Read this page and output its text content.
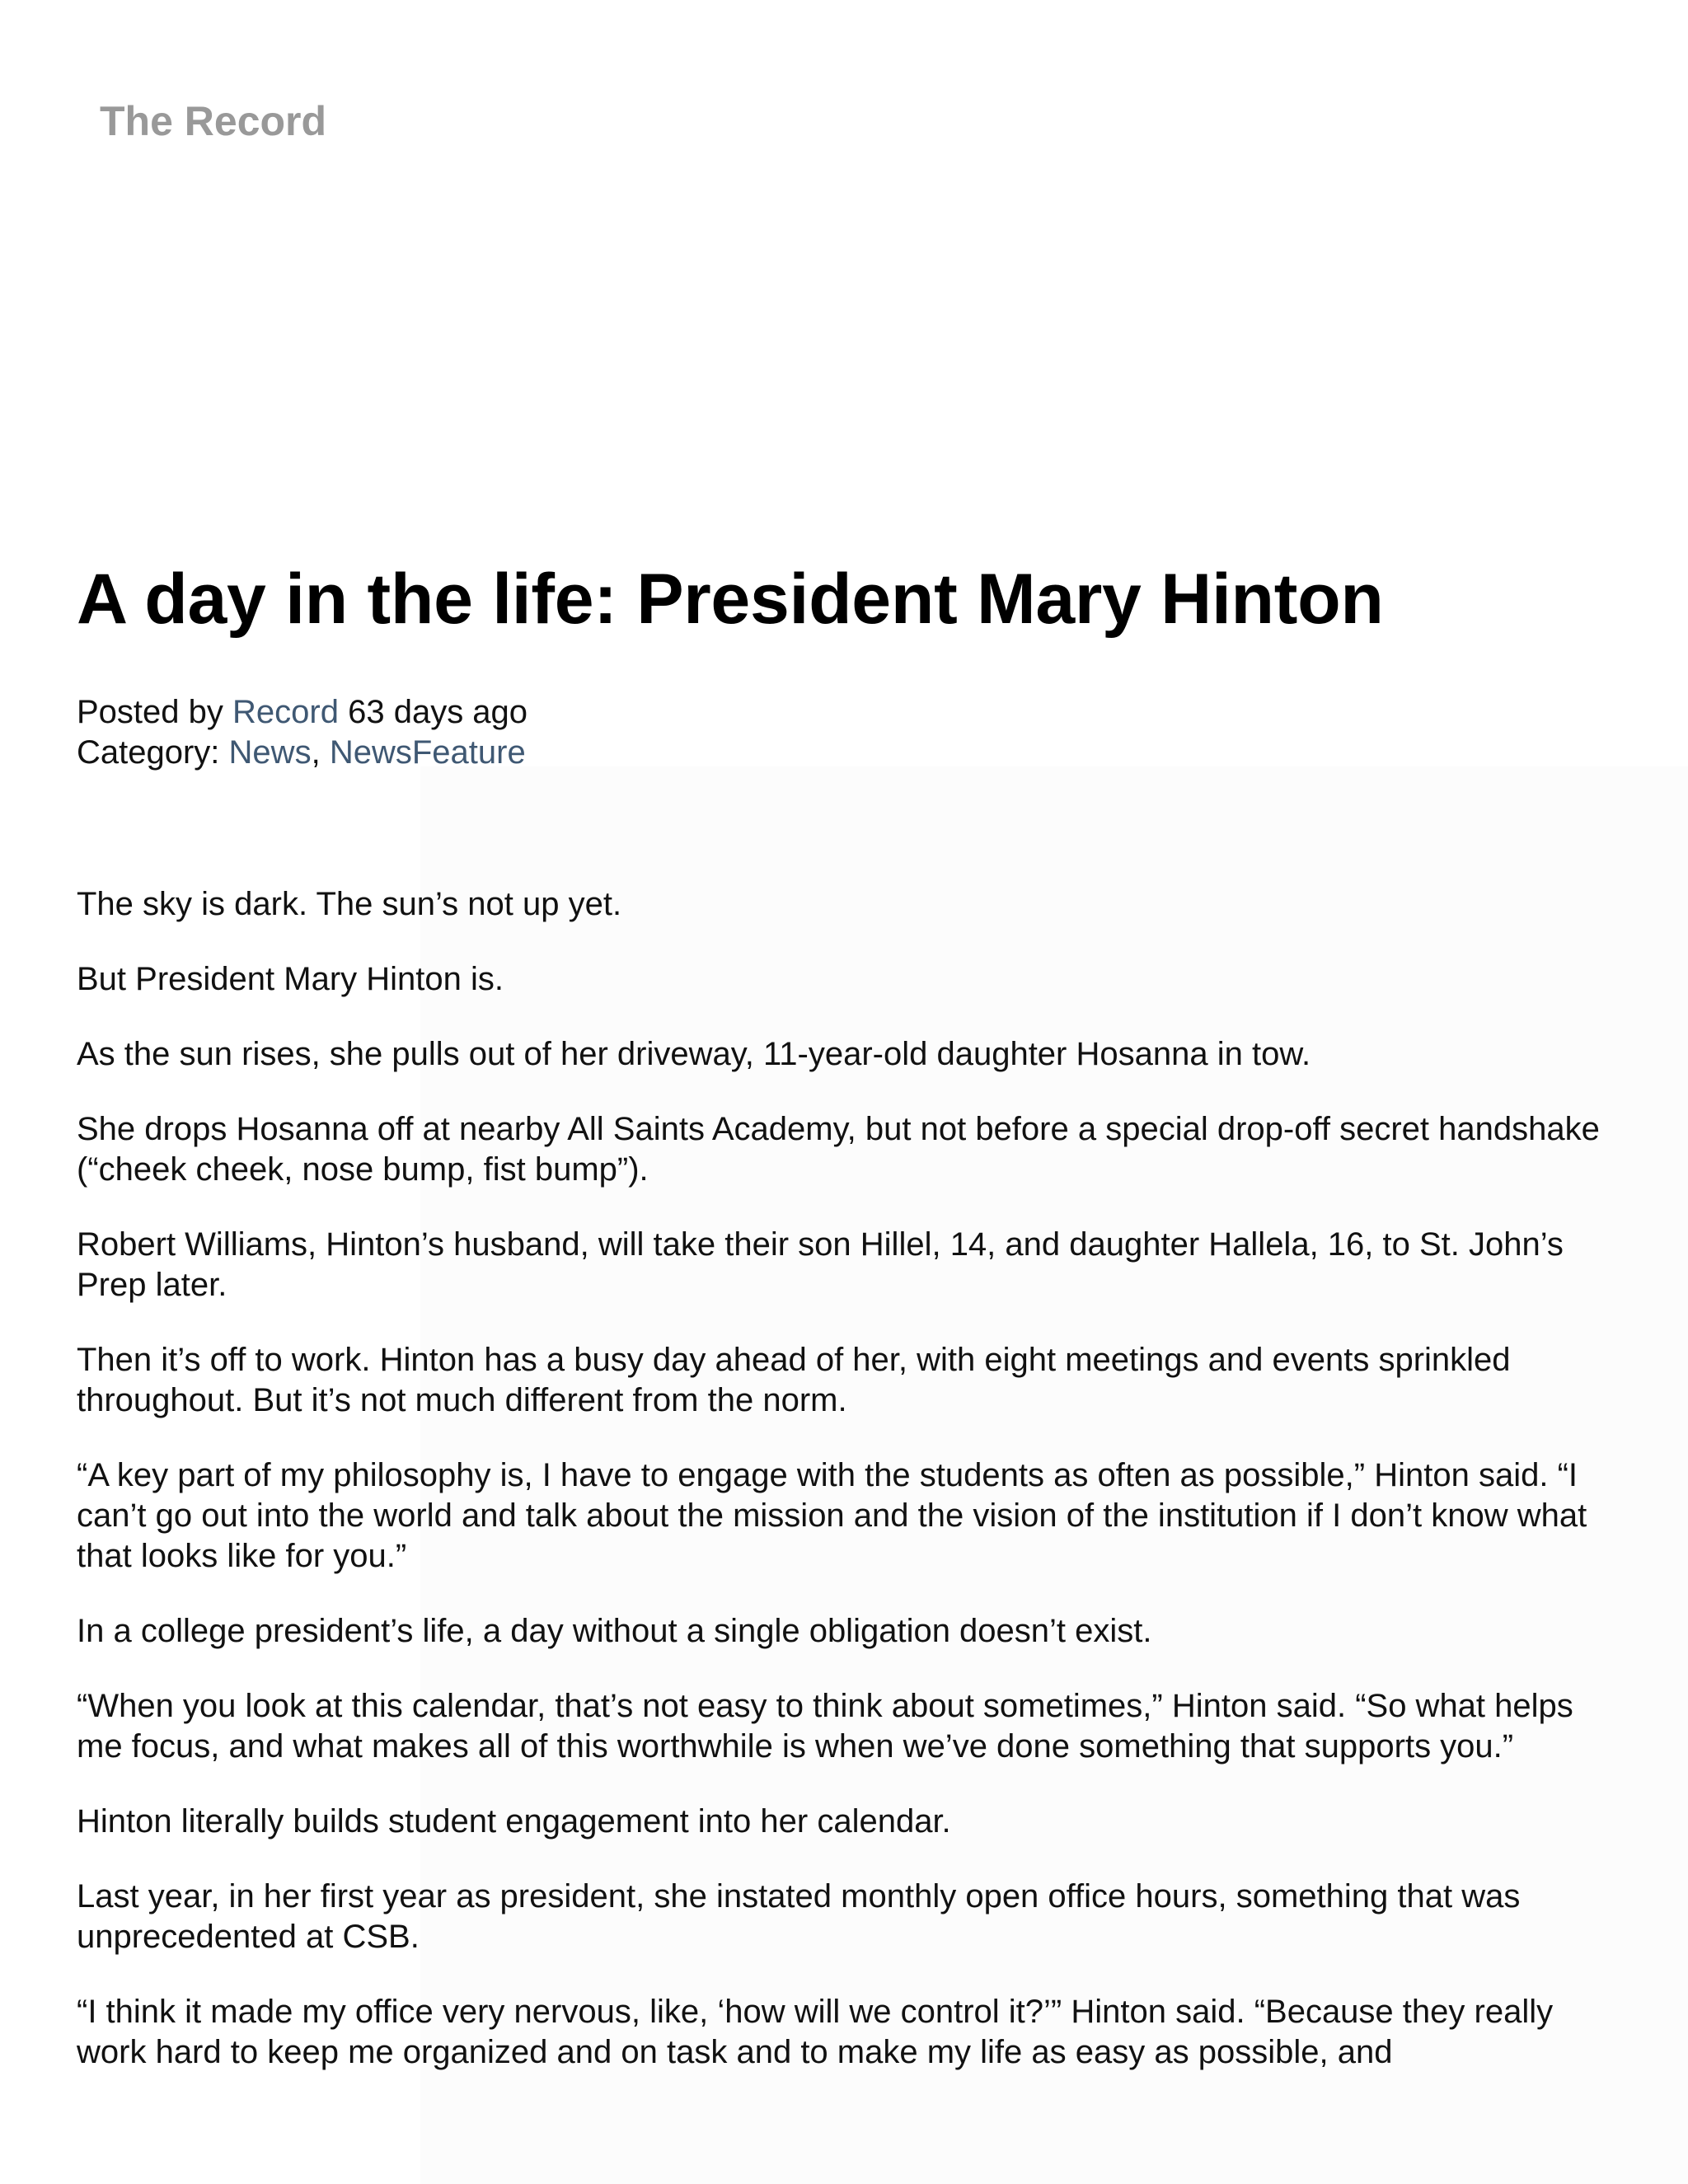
The Record
A day in the life: President Mary Hinton
Posted by Record 63 days ago
Category: News, NewsFeature

The sky is dark. The sun’s not up yet.

But President Mary Hinton is.

As the sun rises, she pulls out of her driveway, 11-year-old daughter Hosanna in tow.

She drops Hosanna off at nearby All Saints Academy, but not before a special drop-off secret handshake (“cheek cheek, nose bump, fist bump”).

Robert Williams, Hinton’s husband, will take their son Hillel, 14, and daughter Hallela, 16, to St. John’s Prep later.

Then it’s off to work. Hinton has a busy day ahead of her, with eight meetings and events sprinkled throughout. But it’s not much different from the norm.

“A key part of my philosophy is, I have to engage with the students as often as possible,” Hinton said. “I can’t go out into the world and talk about the mission and the vision of the institution if I don’t know what that looks like for you.”

In a college president’s life, a day without a single obligation doesn’t exist.

“When you look at this calendar, that’s not easy to think about sometimes,” Hinton said. “So what helps me focus, and what makes all of this worthwhile is when we’ve done something that supports you.”

Hinton literally builds student engagement into her calendar.

Last year, in her first year as president, she instated monthly open office hours, something that was unprecedented at CSB.

“I think it made my office very nervous, like, ‘how will we control it?’” Hinton said. “Because they really work hard to keep me organized and on task and to make my life as easy as possible, and
